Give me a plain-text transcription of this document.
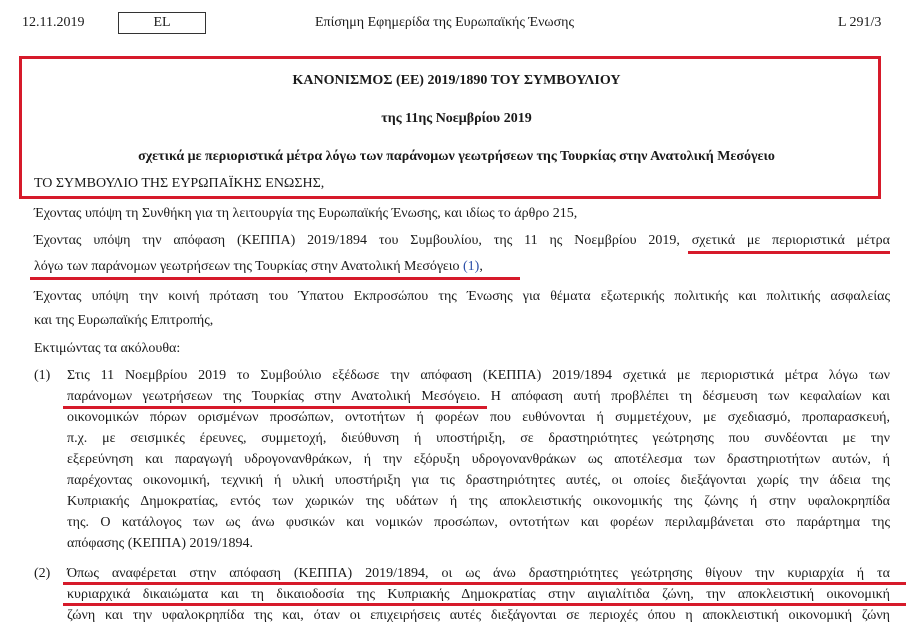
12.11.2019	EL	Επίσημη Εφημερίδα της Ευρωπαϊκής Ένωσης	L 291/3
ΚΑΝΟΝΙΣΜΟΣ (ΕΕ) 2019/1890 ΤΟΥ ΣΥΜΒΟΥΛΙΟΥ
της 11ης Νοεμβρίου 2019
σχετικά με περιοριστικά μέτρα λόγω των παράνομων γεωτρήσεων της Τουρκίας στην Ανατολική Μεσόγειο
ΤΟ ΣΥΜΒΟΥΛΙΟ ΤΗΣ ΕΥΡΩΠΑΪΚΗΣ ΕΝΩΣΗΣ,
Έχοντας υπόψη τη Συνθήκη για τη λειτουργία της Ευρωπαϊκής Ένωσης, και ιδίως το άρθρο 215,
Έχοντας υπόψη την απόφαση (ΚΕΠΠΑ) 2019/1894 του Συμβουλίου, της 11 ης Νοεμβρίου 2019, σχετικά με περιοριστικά μέτρα
λόγω των παράνομων γεωτρήσεων της Τουρκίας στην Ανατολική Μεσόγειο (1),
Έχοντας υπόψη την κοινή πρόταση του Ύπατου Εκπροσώπου της Ένωσης για θέματα εξωτερικής πολιτικής και πολιτικής ασφαλείας
και της Ευρωπαϊκής Επιτροπής,
Εκτιμώντας τα ακόλουθα:
(1) Στις 11 Νοεμβρίου 2019 το Συμβούλιο εξέδωσε την απόφαση (ΚΕΠΠΑ) 2019/1894 σχετικά με περιοριστικά μέτρα λόγω των
παράνομων γεωτρήσεων της Τουρκίας στην Ανατολική Μεσόγειο. Η απόφαση αυτή προβλέπει τη δέσμευση των κεφαλαίων και
οικονομικών πόρων ορισμένων προσώπων, οντοτήτων ή φορέων που ευθύνονται ή συμμετέχουν, με σχεδιασμό, προπαρασκευή,
π.χ. με σεισμικές έρευνες, συμμετοχή, διεύθυνση ή υποστήριξη, σε δραστηριότητες γεώτρησης που συνδέονται με την
εξερεύνηση και παραγωγή υδρογονανθράκων, ή την εξόρυξη υδρογονανθράκων ως αποτέλεσμα των δραστηριοτήτων αυτών, ή
παρέχοντας οικονομική, τεχνική ή υλική υποστήριξη για τις δραστηριότητες αυτές, οι οποίες διεξάγονται χωρίς την άδεια της
Κυπριακής Δημοκρατίας, εντός των χωρικών της υδάτων ή της αποκλειστικής οικονομικής της ζώνης ή στην υφαλοκρηπίδα
της. Ο κατάλογος των ως άνω φυσικών και νομικών προσώπων, οντοτήτων και φορέων περιλαμβάνεται στο παράρτημα της
απόφασης (ΚΕΠΠΑ) 2019/1894.
(2) Όπως αναφέρεται στην απόφαση (ΚΕΠΠΑ) 2019/1894, οι ως άνω δραστηριότητες γεώτρησης θίγουν την κυριαρχία ή τα
κυριαρχικά δικαιώματα και τη δικαιοδοσία της Κυπριακής Δημοκρατίας στην αιγιαλίτιδα ζώνη, την αποκλειστική οικονομική
ζώνη και την υφαλοκρηπίδα της και, όταν οι επιχειρήσεις αυτές διεξάγονται σε περιοχές όπου η αποκλειστική οικονομική ζώνη
